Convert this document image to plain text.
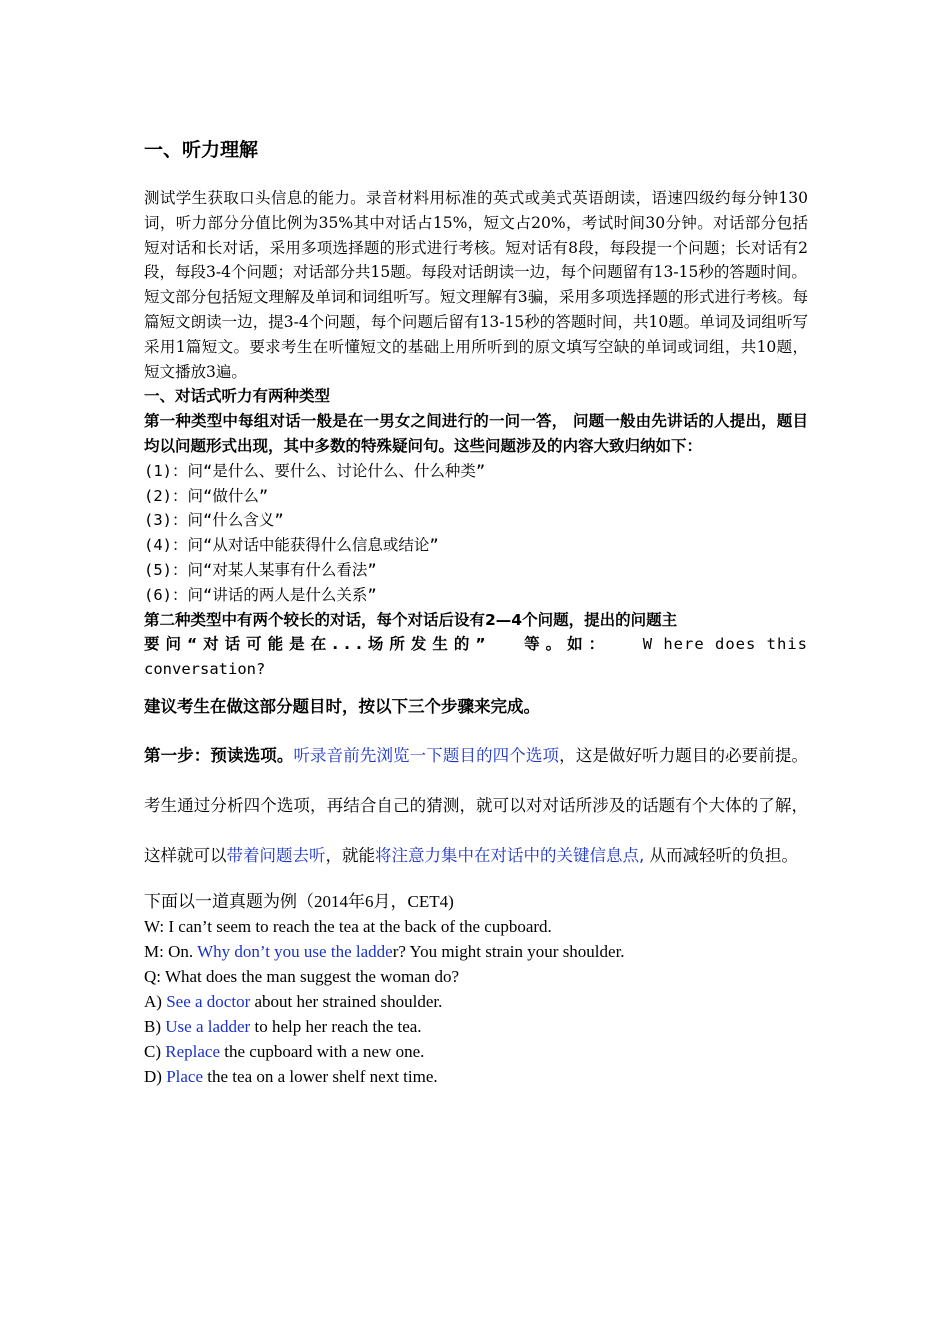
一、听力理解
测试学生获取口头信息的能力。录音材料用标准的英式或美式英语朗读，语速四级约每分钟130词，听力部分分值比例为35%其中对话占15%，短文占20%，考试时间30分钟。对话部分包括短对话和长对话，采用多项选择题的形式进行考核。短对话有8段，每段提一个问题；长对话有2段，每段3-4个问题；对话部分共15题。每段对话朗读一边，每个问题留有13-15秒的答题时间。
短文部分包括短文理解及单词和词组听写。短文理解有3骗，采用多项选择题的形式进行考核。每篇短文朗读一边，提3-4个问题，每个问题后留有13-15秒的答题时间，共10题。单词及词组听写采用1篇短文。要求考生在听懂短文的基础上用所听到的原文填写空缺的单词或词组，共10题，短文播放3遍。
一、对话式听力有两种类型
第一种类型中每组对话一般是在一男女之间进行的一问一答， 问题一般由先讲话的人提出，题目均以问题形式出现，其中多数的特殊疑问句。这些问题涉及的内容大致归纳如下：
(1)：问“是什么、要什么、讨论什么、什么种类”
(2)：问“做什么”
(3)：问“什么含义”
(4)：问“从对话中能获得什么信息或结论”
(5)：问“对某人某事有什么看法”
(6)：问“讲话的两人是什么关系”
第二种类型中有两个较长的对话，每个对话后设有2—4个问题，提出的问题主
要问“对话可能是在...场所发生的” 等。如： W here does this
conversation?
建议考生在做这部分题目时，按以下三个步骤来完成。
第一步：预读选项。听录音前先浏览一下题目的四个选项，这是做好听力题目的必要前提。考生通过分析四个选项，再结合自己的猜测，就可以对对话所涉及的话题有个大体的了解，这样就可以带着问题去听，就能将注意力集中在对话中的关键信息点, 从而减轻听的负担。
下面以一道真题为例（2014年6月，CET4)
W: I can’t seem to reach the tea at the back of the cupboard.
M: On. Why don’t you use the ladder? You might strain your shoulder.
Q: What does the man suggest the woman do?
A) See a doctor about her strained shoulder.
B) Use a ladder to help her reach the tea.
C) Replace the cupboard with a new one.
D) Place the tea on a lower shelf next time.
